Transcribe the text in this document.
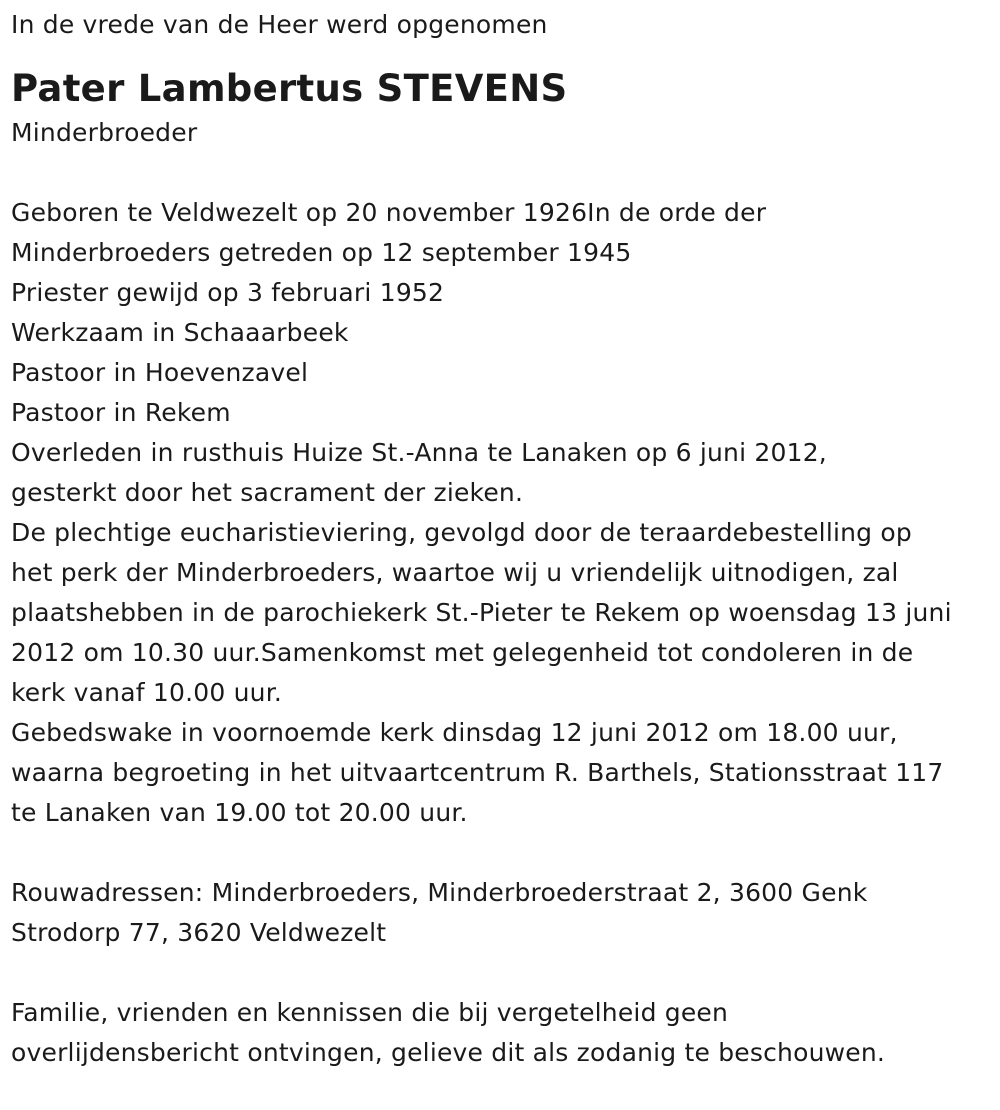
In de vrede van de Heer werd opgenomen
Pater Lambertus STEVENS
Minderbroeder
Geboren te Veldwezelt op 20 november 1926In de orde der
Minderbroeders getreden op 12 september 1945
Priester gewijd op 3 februari 1952
Werkzaam in Schaaarbeek
Pastoor in Hoevenzavel
Pastoor in Rekem
Overleden in rusthuis Huize St.-Anna te Lanaken op 6 juni 2012,
gesterkt door het sacrament der zieken.
De plechtige eucharistieviering, gevolgd door de teraardebestelling op
het perk der Minderbroeders, waartoe wij u vriendelijk uitnodigen, zal
plaatshebben in de parochiekerk St.-Pieter te Rekem op woensdag 13 juni
2012 om 10.30 uur.Samenkomst met gelegenheid tot condoleren in de
kerk vanaf 10.00 uur.
Gebedswake in voornoemde kerk dinsdag 12 juni 2012 om 18.00 uur,
waarna begroeting in het uitvaartcentrum R. Barthels, Stationsstraat 117
te Lanaken van 19.00 tot 20.00 uur.
Rouwadressen: Minderbroeders, Minderbroederstraat 2, 3600 Genk
Strodorp 77, 3620 Veldwezelt
Familie, vrienden en kennissen die bij vergetelheid geen
overlijdensbericht ontvingen, gelieve dit als zodanig te beschouwen.
